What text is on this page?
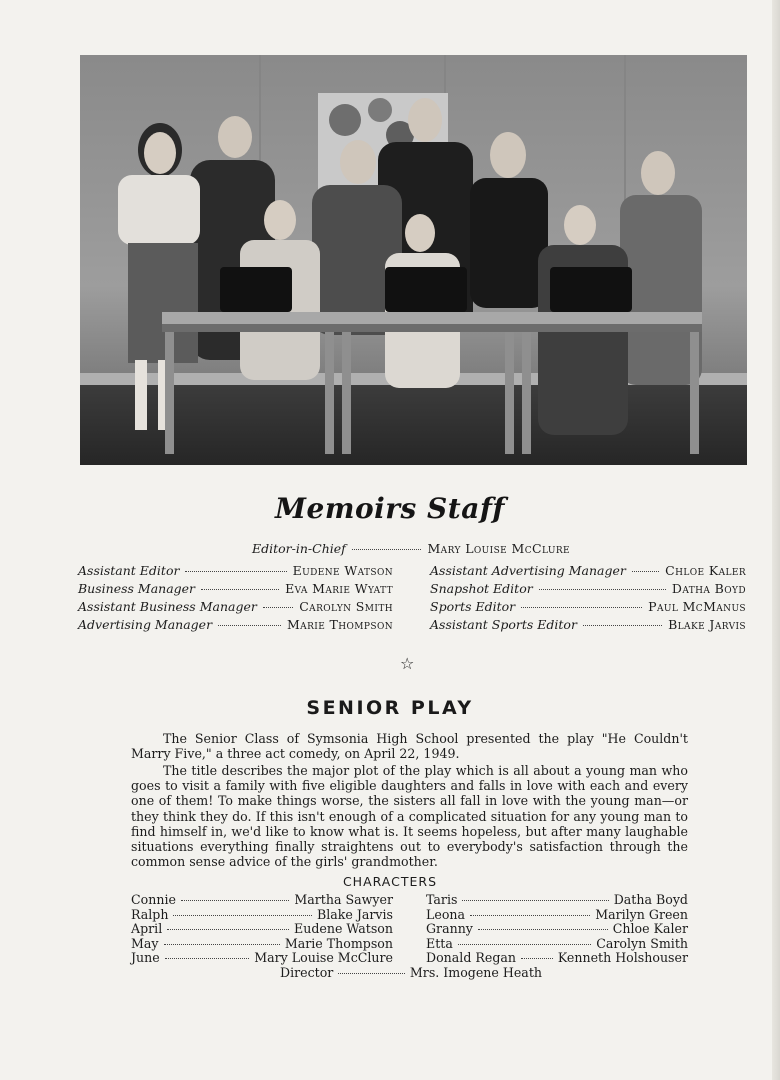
Memoirs Staff
Editor-in-Chief	Mary Louise McClure
Assistant Editor	Eudene Watson
Business Manager	Eva Marie Wyatt
Assistant Business Manager	Carolyn Smith
Advertising Manager	Marie Thompson
Assistant Advertising Manager	Chloe Kaler
Snapshot Editor	Datha Boyd
Sports Editor	Paul McManus
Assistant Sports Editor	Blake Jarvis
☆
SENIOR PLAY
The Senior Class of Symsonia High School presented the play "He Couldn't Marry Five," a three act comedy, on April 22, 1949.
The title describes the major plot of the play which is all about a young man who goes to visit a family with five eligible daughters and falls in love with each and every one of them! To make things worse, the sisters all fall in love with the young man—or they think they do. If this isn't enough of a complicated situation for any young man to find himself in, we'd like to know what is. It seems hopeless, but after many laughable situations everything finally straightens out to everybody's satisfaction through the common sense advice of the girls' grandmother.
CHARACTERS
Connie	Martha Sawyer
Ralph	Blake Jarvis
April	Eudene Watson
May	Marie Thompson
June	Mary Louise McClure
Taris	Datha Boyd
Leona	Marilyn Green
Granny	Chloe Kaler
Etta	Carolyn Smith
Donald Regan	Kenneth Holshouser
Director	Mrs. Imogene Heath
